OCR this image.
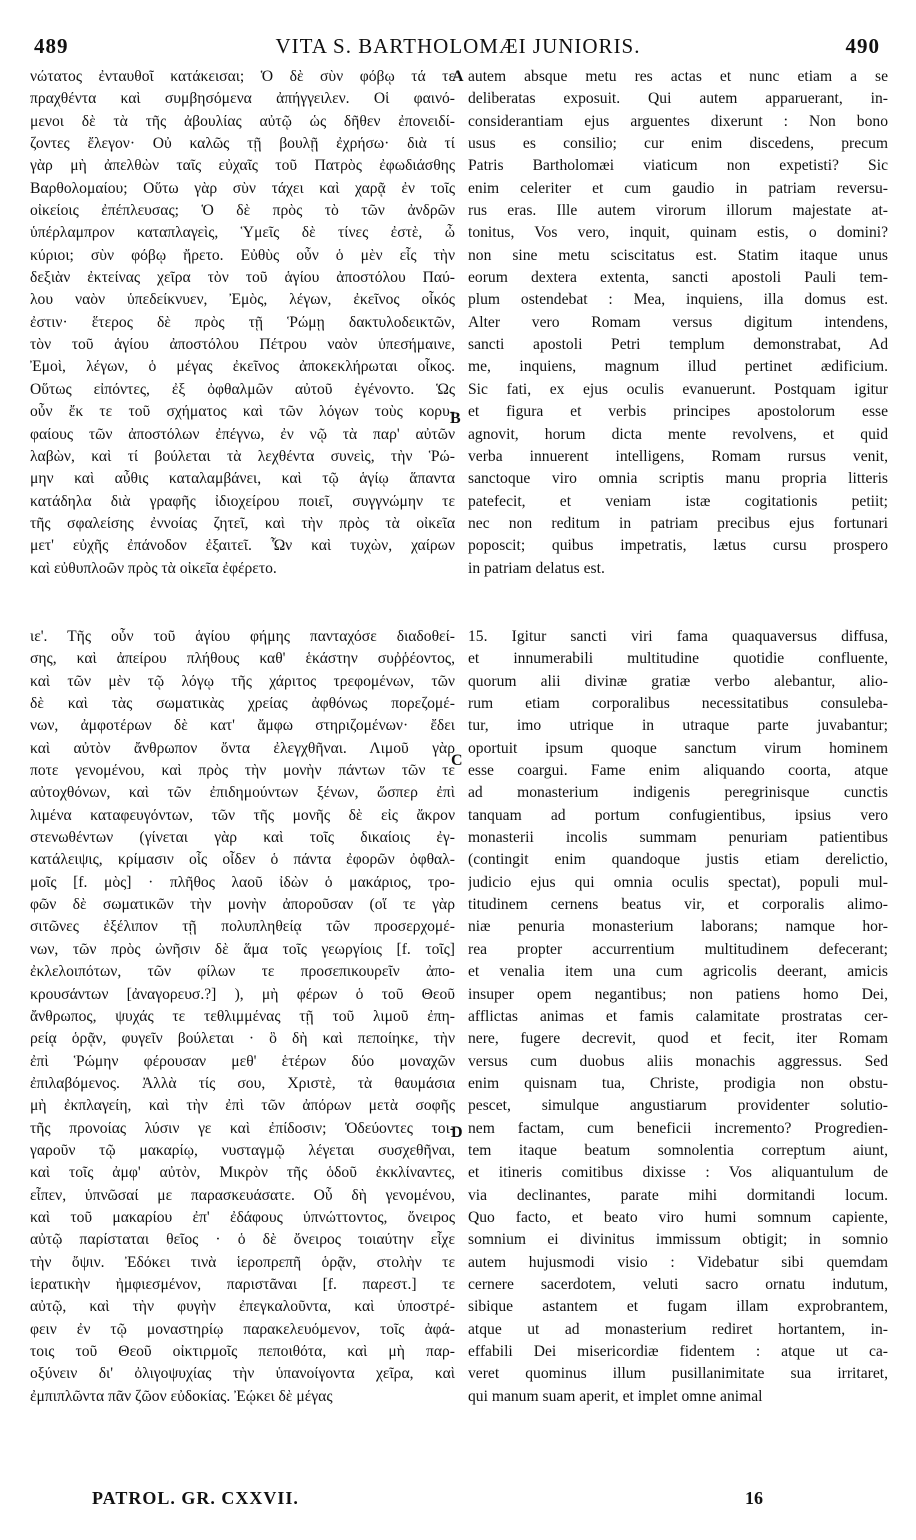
489	VITA S. BARTHOLOMÆI JUNIORIS.	490
νώτατος ἐνταυθοῖ κατάκεισαι; Ὁ δὲ σὺν φόβῳ τά τε
πραχθέντα καὶ συμβησόμενα ἀπήγγειλεν. Οἱ φαινό-
μενοι δὲ τὰ τῆς ἀβουλίας αὐτῷ ὡς δῆθεν ἐπονειδί-
ζοντες ἔλεγον· Οὐ καλῶς τῇ βουλῇ ἐχρήσω· διὰ τί
γὰρ μὴ ἀπελθὼν ταῖς εὐχαῖς τοῦ Πατρὸς ἐφωδιάσθης
Βαρθολομαίου; Οὕτω γὰρ σὺν τάχει καὶ χαρᾷ ἐν τοῖς
οἰκείοις ἐπέπλευσας; Ὁ δὲ πρὸς τὸ τῶν ἀνδρῶν
ὑπέρλαμπρον καταπλαγεὶς, Ὑμεῖς δὲ τίνες ἐστὲ, ὦ
κύριοι; σὺν φόβῳ ἤρετο. Εὐθὺς οὖν ὁ μὲν εἷς τὴν
δεξιὰν ἐκτείνας χεῖρα τὸν τοῦ ἁγίου ἀποστόλου Παύ-
λου ναὸν ὑπεδείκνυεν, Ἐμὸς, λέγων, ἐκεῖνος οἶκός
ἐστιν· ἕτερος δὲ πρὸς τῇ Ῥώμῃ δακτυλοδεικτῶν,
τὸν τοῦ ἁγίου ἀποστόλου Πέτρου ναὸν ὑπεσήμαινε,
Ἐμοὶ, λέγων, ὁ μέγας ἐκεῖνος ἀποκεκλήρωται οἶκος.
Οὕτως εἰπόντες, ἐξ ὀφθαλμῶν αὐτοῦ ἐγένοντο. Ὡς
οὖν ἔκ τε τοῦ σχήματος καὶ τῶν λόγων τοὺς κορυ-
φαίους τῶν ἀποστόλων ἐπέγνω, ἐν νῷ τὰ παρ' αὐτῶν
λαβὼν, καὶ τί βούλεται τὰ λεχθέντα συνεὶς, τὴν Ῥώ-
μην καὶ αὖθις καταλαμβάνει, καὶ τῷ ἁγίῳ ἅπαντα
κατάδηλα διὰ γραφῆς ἰδιοχείρου ποιεῖ, συγγνώμην τε
τῆς σφαλείσης ἐννοίας ζητεῖ, καὶ τὴν πρὸς τὰ οἰκεῖα
μετ' εὐχῆς ἐπάνοδον ἐξαιτεῖ. Ὧν καὶ τυχὼν, χαίρων
καὶ εὐθυπλοῶν πρὸς τὰ οἰκεῖα ἐφέρετο.
autem absque metu res actas et nunc etiam a se
deliberatas exposuit. Qui autem apparuerant, in-
considerantiam ejus arguentes dixerunt : Non bono
usus es consilio; cur enim discedens, precum
Patris Bartholomæi viaticum non expetisti? Sic
enim celeriter et cum gaudio in patriam reversu-
rus eras. Ille autem virorum illorum majestate at-
tonitus, Vos vero, inquit, quinam estis, o domini?
non sine metu sciscitatus est. Statim itaque unus
eorum dextera extenta, sancti apostoli Pauli tem-
plum ostendebat : Mea, inquiens, illa domus est.
Alter vero Romam versus digitum intendens,
sancti apostoli Petri templum demonstrabat, Ad
me, inquiens, magnum illud pertinet ædificium.
Sic fati, ex ejus oculis evanuerunt. Postquam igitur
et figura et verbis principes apostolorum esse
agnovit, horum dicta mente revolvens, et quid
verba innuerent intelligens, Romam rursus venit,
sanctoque viro omnia scriptis manu propria litteris
patefecit, et veniam istæ cogitationis petiit;
nec non reditum in patriam precibus ejus fortunari
poposcit; quibus impetratis, lætus cursu prospero
in patriam delatus est.
ιε'. Τῆς οὖν τοῦ ἁγίου φήμης πανταχόσε διαδοθεί-
σης, καὶ ἀπείρου πλήθους καθ' ἑκάστην συῤῥέοντος,
καὶ τῶν μὲν τῷ λόγῳ τῆς χάριτος τρεφομένων, τῶν
δὲ καὶ τὰς σωματικὰς χρείας ἀφθόνως πορεζομέ-
νων, ἀμφοτέρων δὲ κατ' ἄμφω στηριζομένων· ἔδει
καὶ αὐτὸν ἄνθρωπον ὄντα ἐλεγχθῆναι. Λιμοῦ γὰρ
ποτε γενομένου, καὶ πρὸς τὴν μονὴν πάντων τῶν τε
αὐτοχθόνων, καὶ τῶν ἐπιδημούντων ξένων, ὥσπερ ἐπὶ
λιμένα καταφευγόντων, τῶν τῆς μονῆς δὲ εἰς ἄκρον
στενωθέντων (γίνεται γὰρ καὶ τοῖς δικαίοις ἐγ-
κατάλειψις, κρίμασιν οἷς οἶδεν ὁ πάντα ἐφορῶν ὀφθαλ-
μοῖς [f. μὸς] · πλῆθος λαοῦ ἰδὼν ὁ μακάριος, τρο-
φῶν δὲ σωματικῶν τὴν μονὴν ἀποροῦσαν (οἵ τε γὰρ
σιτῶνες ἐξέλιπον τῇ πολυπληθείᾳ τῶν προσερχομέ-
νων, τῶν πρὸς ὠνῆσιν δὲ ἅμα τοῖς γεωργίοις [f. τοῖς]
ἐκλελοιπότων, τῶν φίλων τε προσεπικουρεῖν ἀπο-
κρουσάντων [ἀναγορευσ.?] ), μὴ φέρων ὁ τοῦ Θεοῦ
ἄνθρωπος, ψυχάς τε τεθλιμμένας τῇ τοῦ λιμοῦ ἐπη-
ρείᾳ ὁρᾷν, φυγεῖν βούλεται · ὃ δὴ καὶ πεποίηκε, τὴν
ἐπὶ Ῥώμην φέρουσαν μεθ' ἑτέρων δύο μοναχῶν
ἐπιλαβόμενος. Ἀλλὰ τίς σου, Χριστὲ, τὰ θαυμάσια
μὴ ἐκπλαγείη, καὶ τὴν ἐπὶ τῶν ἀπόρων μετὰ σοφῆς
τῆς προνοίας λύσιν γε καὶ ἐπίδοσιν; Ὁδεύοντες τοι-
γαροῦν τῷ μακαρίῳ, νυσταγμῷ λέγεται συσχεθῆναι,
καὶ τοῖς ἀμφ' αὐτὸν, Μικρὸν τῆς ὁδοῦ ἐκκλίναντες,
εἶπεν, ὑπνῶσαί με παρασκευάσατε. Οὗ δὴ γενομένου,
καὶ τοῦ μακαρίου ἐπ' ἐδάφους ὑπνώττοντος, ὄνειρος
αὐτῷ παρίσταται θεῖος · ὁ δὲ ὄνειρος τοιαύτην εἶχε
τὴν ὄψιν. Ἐδόκει τινὰ ἱεροπρεπῆ ὁρᾷν, στολὴν τε
ἱερατικὴν ἠμφιεσμένον, παριστᾶναι [f. παρεστ.] τε
αὐτῷ, καὶ τὴν φυγὴν ἐπεγκαλοῦντα, καὶ ὑποστρέ-
φειν ἐν τῷ μοναστηρίῳ παρακελευόμενον, τοῖς ἀφά-
τοις τοῦ Θεοῦ οἰκτιρμοῖς πεποιθότα, καὶ μὴ παρ-
οξύνειν δι' ὀλιγοψυχίας τὴν ὑπανοίγοντα χεῖρα, καὶ
ἐμπιπλῶντα πᾶν ζῶον εὐδοκίας. Ἐῴκει δὲ μέγας
15. Igitur sancti viri fama quaquaversus diffusa,
et innumerabili multitudine quotidie confluente,
quorum alii divinæ gratiæ verbo alebantur, alio-
rum etiam corporalibus necessitatibus consuleba-
tur, imo utrique in utraque parte juvabantur;
oportuit ipsum quoque sanctum virum hominem
esse coargui. Fame enim aliquando coorta, atque
ad monasterium indigenis peregrinisque cunctis
tanquam ad portum confugientibus, ipsius vero
monasterii incolis summam penuriam patientibus
(contingit enim quandoque justis etiam derelictio,
judicio ejus qui omnia oculis spectat), populi mul-
titudinem cernens beatus vir, et corporalis alimo-
niæ penuria monasterium laborans; namque hor-
rea propter accurrentium multitudinem defecerant;
et venalia item una cum agricolis deerant, amicis
insuper opem negantibus; non patiens homo Dei,
afflictas animas et famis calamitate prostratas cer-
nere, fugere decrevit, quod et fecit, iter Romam
versus cum duobus aliis monachis aggressus. Sed
enim quisnam tua, Christe, prodigia non obstu-
pescet, simulque angustiarum providenter solutio-
nem factam, cum beneficii incremento? Progredien-
tem itaque beatum somnolentia correptum aiunt,
et itineris comitibus dixisse : Vos aliquantulum de
via declinantes, parate mihi dormitandi locum.
Quo facto, et beato viro humi somnum capiente,
somnium ei divinitus immissum obtigit; in somnio
autem hujusmodi visio : Videbatur sibi quemdam
cernere sacerdotem, veluti sacro ornatu indutum,
sibique astantem et fugam illam exprobrantem,
atque ut ad monasterium rediret hortantem, in-
effabili Dei misericordiæ fidentem : atque ut ca-
veret quominus illum pusillanimitate sua irritaret,
qui manum suam aperit, et implet omne animal
A
B
C
D
PATROL. GR. CXXVII.	16
